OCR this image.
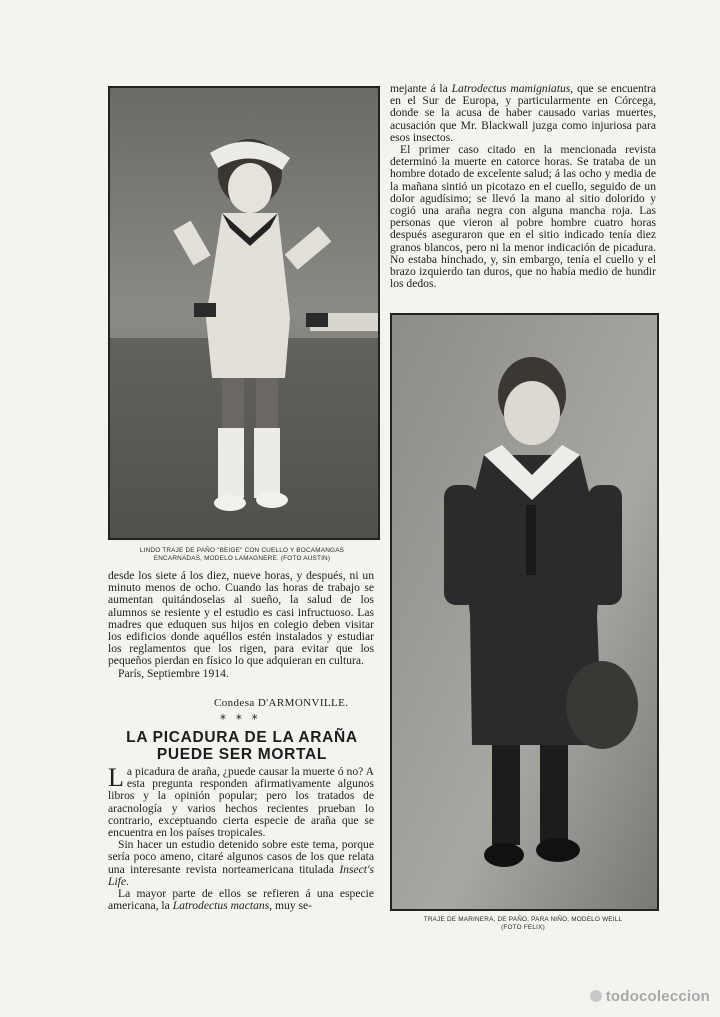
LINDO TRAJE DE PAÑO "BEIGE" CON CUELLO Y BOCAMANGAS
ENCARNADAS, MODELO LAMAGNERE. (FOTO AUSTIN)
TRAJE DE MARINERA, DE PAÑO, PARA NIÑO, MODELO WEILL
(FOTO FELIX)

desde los siete á los diez, nueve horas, y después, ni un minuto menos de ocho. Cuando las horas de trabajo se aumentan quitándoselas al sueño, la salud de los alumnos se resiente y el estudio es casi infructuoso. Las madres que eduquen sus hijos en colegio deben visitar los edificios donde aquéllos estén instalados y estudiar los reglamentos que los rigen, para evitar que los pequeños pierdan en físico lo que adquieran en cultura.

París, Septiembre 1914.

Condesa D'ARMONVILLE.
* * *
LA PICADURA DE LA ARAÑA
PUEDE SER MORTAL

La picadura de araña, ¿puede causar la muerte ó no? A esta pregunta responden afirmativamente algunos libros y la opinión popular; pero los tratados de aracnología y varios hechos recientes prueban lo contrario, exceptuando cierta especie de araña que se encuentra en los países tropicales.

Sin hacer un estudio detenido sobre este tema, porque sería poco ameno, citaré algunos casos de los que relata una interesante revista norteamericana titulada Insect's Life.

La mayor parte de ellos se refieren á una especie americana, la Latrodectus mactans, muy se-

mejante á la Latrodectus mamigniatus, que se encuentra en el Sur de Europa, y particularmente en Córcega, donde se la acusa de haber causado varias muertes, acusación que Mr. Blackwall juzga como injuriosa para esos insectos.

El primer caso citado en la mencionada revista determinó la muerte en catorce horas. Se trataba de un hombre dotado de excelente salud; á las ocho y media de la mañana sintió un picotazo en el cuello, seguido de un dolor agudísimo; se llevó la mano al sitio dolorido y cogió una araña negra con alguna mancha roja. Las personas que vieron al pobre hombre cuatro horas después aseguraron que en el sitio indicado tenía diez granos blancos, pero ni la menor indicación de picadura. No estaba hinchado, y, sin embargo, tenía el cuello y el brazo izquierdo tan duros, que no había medio de hundir los dedos.

todocoleccion
